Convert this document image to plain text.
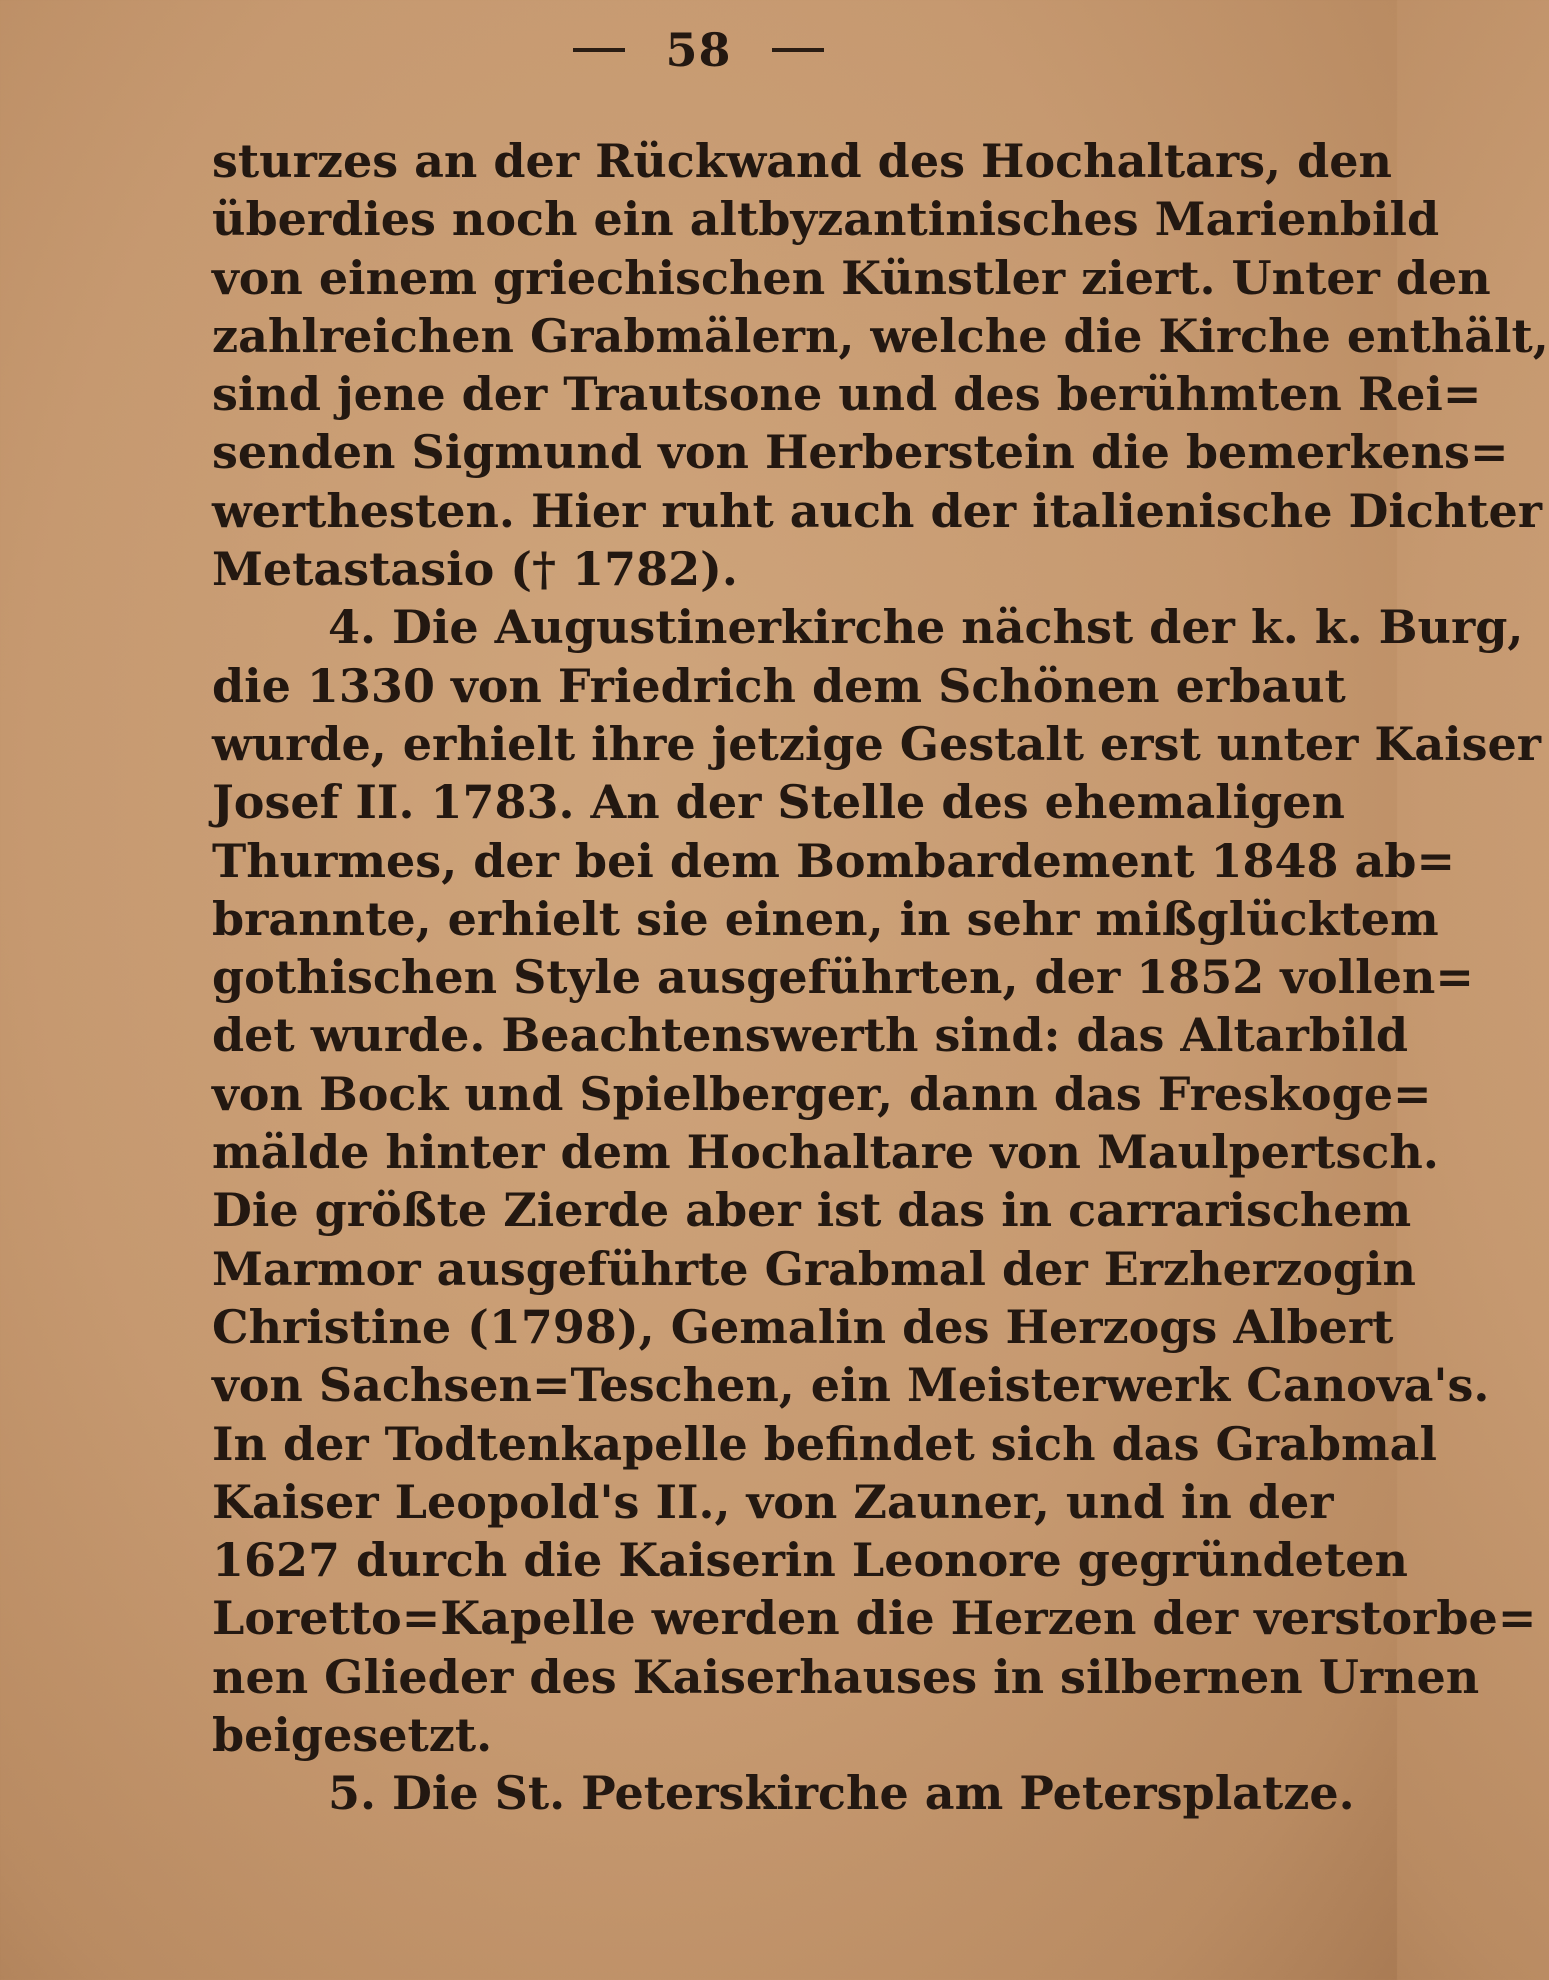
58
sturzes an der Rückwand des Hochaltars, den
überdies noch ein altbyzantinisches Marienbild
von einem griechischen Künstler ziert. Unter den
zahlreichen Grabmälern, welche die Kirche enthält,
sind jene der Trautsone und des berühmten Rei=
senden Sigmund von Herberstein die bemerkens=
werthesten. Hier ruht auch der italienische Dichter
Metastasio († 1782).
4. Die Augustinerkirche nächst der k. k. Burg,
die 1330 von Friedrich dem Schönen erbaut
wurde, erhielt ihre jetzige Gestalt erst unter Kaiser
Josef II. 1783. An der Stelle des ehemaligen
Thurmes, der bei dem Bombardement 1848 ab=
brannte, erhielt sie einen, in sehr mißglücktem
gothischen Style ausgeführten, der 1852 vollen=
det wurde. Beachtenswerth sind: das Altarbild
von Bock und Spielberger, dann das Freskoge=
mälde hinter dem Hochaltare von Maulpertsch.
Die größte Zierde aber ist das in carrarischem
Marmor ausgeführte Grabmal der Erzherzogin
Christine (1798), Gemalin des Herzogs Albert
von Sachsen=Teschen, ein Meisterwerk Canova's.
In der Todtenkapelle befindet sich das Grabmal
Kaiser Leopold's II., von Zauner, und in der
1627 durch die Kaiserin Leonore gegründeten
Loretto=Kapelle werden die Herzen der verstorbe=
nen Glieder des Kaiserhauses in silbernen Urnen
beigesetzt.
5. Die St. Peterskirche am Petersplatze.
